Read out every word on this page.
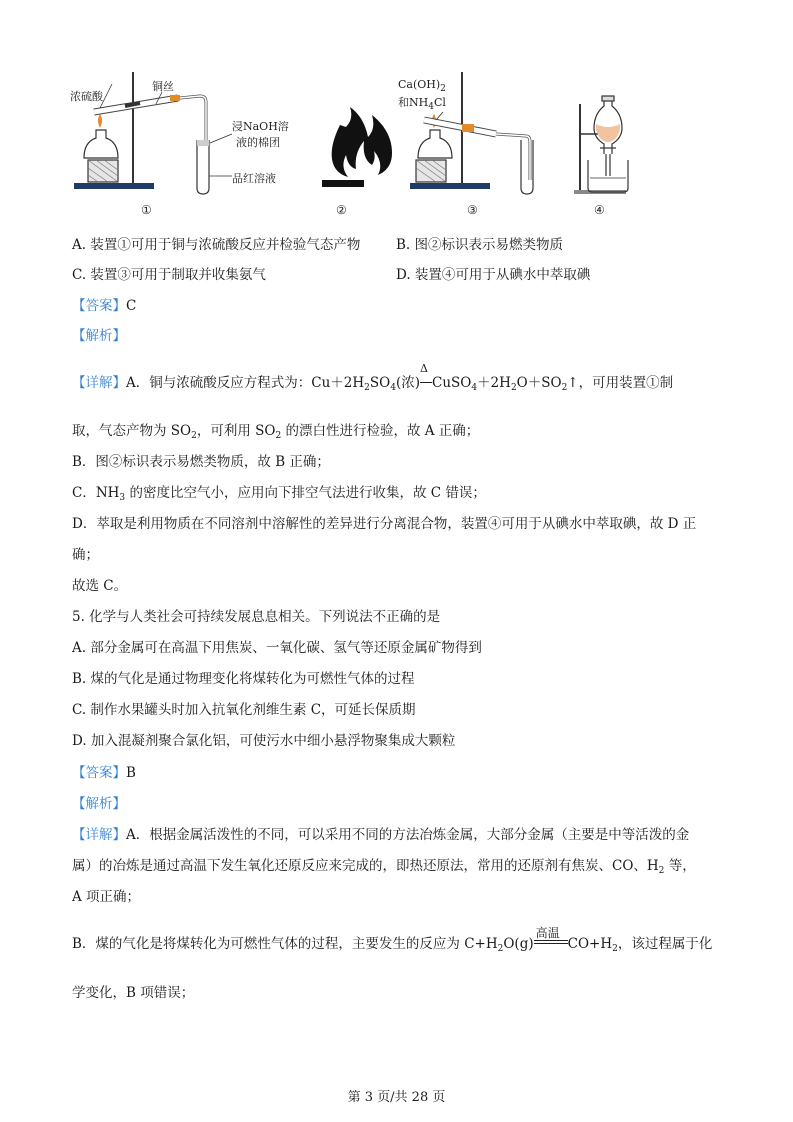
浓硫酸
铜丝
浸NaOH溶
液的棉团
品红溶液
$Ca(OH)_2$
和$NH_4Cl$
①	②	③	④
A. 装置①可用于铜与浓硫酸反应并检验气态产物	B. 图②标识表示易燃类物质
C. 装置③可用于制取并收集氨气	D. 装置④可用于从碘水中萃取碘
【答案】C
【解析】
【详解】A．铜与浓硫酸反应方程式为：$Cu+2H_2SO_4$(浓)
Δ
$CuSO_4+2H_2O+SO_2↑$，可用装置①制
取，气态产物为 $SO_2$，可利用 $SO_2$ 的漂白性进行检验，故 A 正确；
B．图②标识表示易燃类物质，故 B 正确；
C．$NH_3$ 的密度比空气小，应用向下排空气法进行收集，故 C 错误；
D．萃取是利用物质在不同溶剂中溶解性的差异进行分离混合物，装置④可用于从碘水中萃取碘，故 D 正
确；
故选 C。
5. 化学与人类社会可持续发展息息相关。下列说法不正确的是
A. 部分金属可在高温下用焦炭、一氧化碳、氢气等还原金属矿物得到
B. 煤的气化是通过物理变化将煤转化为可燃性气体的过程
C. 制作水果罐头时加入抗氧化剂维生素 C，可延长保质期
D. 加入混凝剂聚合氯化铝，可使污水中细小悬浮物聚集成大颗粒
【答案】B
【解析】
【详解】A．根据金属活泼性的不同，可以采用不同的方法冶炼金属，大部分金属（主要是中等活泼的金
属）的冶炼是通过高温下发生氧化还原反应来完成的，即热还原法，常用的还原剂有焦炭、CO、$H_2$ 等，
A 项正确；
B．煤的气化是将煤转化为可燃性气体的过程，主要发生的反应为 $C+H_2O(g)$
高温
$CO+H_2$，该过程属于化
学变化，B 项错误；
第 3 页/共 28 页
